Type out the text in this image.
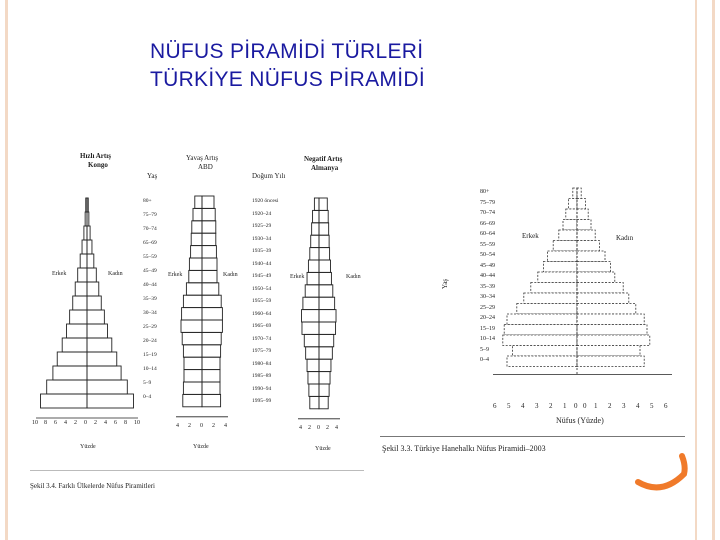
NÜFUS PİRAMİDİ TÜRLERİ
TÜRKİYE NÜFUS PİRAMİDİ
Hızlı Artış
Kongo
Yaş
Yavaş Artış
ABD
Doğum Yılı
Negatif Artış
Almanya
80+
75–79
70–74
65–69
55–59
45–49
40–44
35–39
30–34
25–29
20–24
15–19
10–14
5–9
0–4
1920 öncesi
1920–24
1925–29
1930–34
1935–39
1940–44
1945–49
1950–54
1955–59
1960–64
1965–69
1970–74
1975–79
1980–84
1985–89
1990–94
1995–99
Erkek	Kadın
10 8 6 4 2 0 2 4 6 8 10
Yüzde
Erkek	Kadın
4 2 0 2 4
Yüzde
Erkek	Kadın
4 2 0 2 4
Yüzde
Şekil 3.4. Farklı Ülkelerde Nüfus Piramitleri
Yaş
80+
75–79
70–74
66–69
60–64
55–59
50–54
45–49
40–44
35–39
30–34
25–29
20–24
15–19
10–14
5–9
0–4
Erkek	Kadın
6 5 4 3 2 1 0 0 1 2 3 4 5 6
Nüfus (Yüzde)
Şekil 3.3. Türkiye Hanehalkı Nüfus Piramidi–2003
